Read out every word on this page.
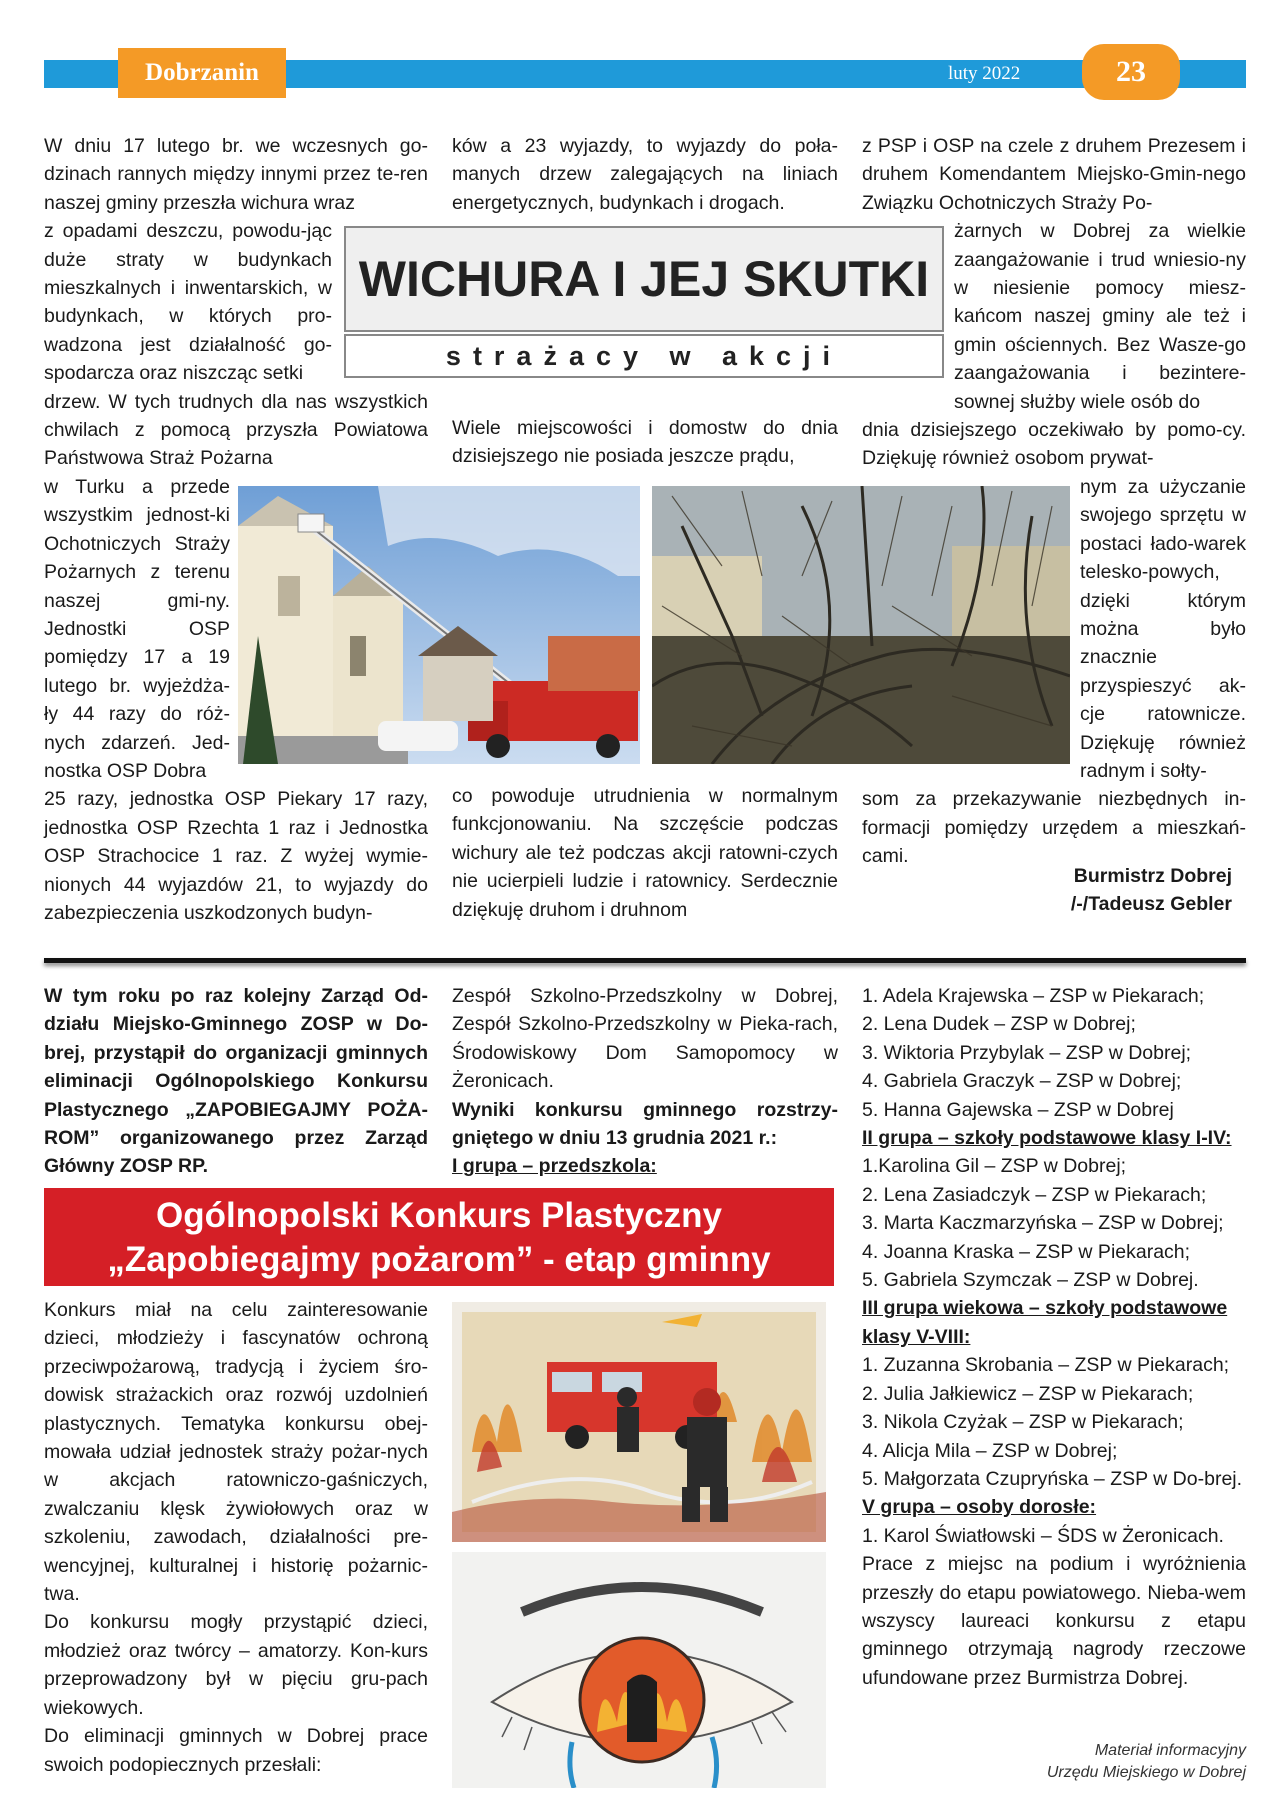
Dobrzanin	luty 2022	23

W dniu 17 lutego br. we wczesnych go-dzinach rannych między innymi przez te-ren naszej gminy przeszła wichura wraz

z opadami deszczu, powodu-jąc duże straty w budynkach mieszkalnych i inwentarskich, w budynkach, w których pro-wadzona jest działalność go-spodarcza oraz niszcząc setki

drzew. W tych trudnych dla nas wszystkich chwilach z pomocą przyszła Powiatowa Państwowa Straż Pożarna

w Turku a przede wszystkim jednost-ki Ochotniczych Straży Pożarnych z terenu naszej gmi-ny. Jednostki OSP pomiędzy 17 a 19 lutego br. wyjeżdża-ły 44 razy do róż-nych zdarzeń. Jed-nostka OSP Dobra

25 razy, jednostka OSP Piekary 17 razy, jednostka OSP Rzechta 1 raz i Jednostka OSP Strachocice 1 raz. Z wyżej wymie-nionych 44 wyjazdów 21, to wyjazdy do zabezpieczenia uszkodzonych budyn-

ków a 23 wyjazdy, to wyjazdy do poła-manych drzew zalegających na liniach energetycznych, budynkach i drogach.
Wiele miejscowości i domostw do dnia dzisiejszego nie posiada jeszcze prądu,
co powoduje utrudnienia w normalnym funkcjonowaniu. Na szczęście podczas wichury ale też podczas akcji ratowni-czych nie ucierpieli ludzie i ratownicy. Serdecznie dziękuję druhom i druhnom

z PSP i OSP na czele z druhem Prezesem i druhem Komendantem Miejsko-Gmin-nego Związku Ochotniczych Straży Po-

żarnych w Dobrej za wielkie zaangażowanie i trud wniesio-ny w niesienie pomocy miesz-kańcom naszej gminy ale też i gmin ościennych. Bez Wasze-go zaangażowania i bezintere-sownej służby wiele osób do

dnia dzisiejszego oczekiwało by pomo-cy. Dziękuję również osobom prywat-

nym za użyczanie swojego sprzętu w postaci łado-warek telesko-powych, dzięki którym można było znacznie przyspieszyć ak-cje ratownicze. Dziękuję również radnym i sołty-

som za przekazywanie niezbędnych in-formacji pomiędzy urzędem a mieszkań-cami.

Burmistrz Dobrej
/-/Tadeusz Gebler
WICHURA I JEJ SKUTKI
strażacy w akcji
W tym roku po raz kolejny Zarząd Od-działu Miejsko-Gminnego ZOSP w Do-brej, przystąpił do organizacji gminnych eliminacji Ogólnopolskiego Konkursu Plastycznego „ZAPOBIEGAJMY POŻA-ROM” organizowanego przez Zarząd Główny ZOSP RP.

Zespół Szkolno-Przedszkolny w Dobrej, Zespół Szkolno-Przedszkolny w Pieka-rach, Środowiskowy Dom Samopomocy w Żeronicach.

Wyniki konkursu gminnego rozstrzy-gniętego w dniu 13 grudnia 2021 r.:

I grupa – przedszkola:

Ogólnopolski Konkurs Plastyczny
„Zapobiegajmy pożarom” - etap gminny

Konkurs miał na celu zainteresowanie dzieci, młodzieży i fascynatów ochroną przeciwpożarową, tradycją i życiem śro-dowisk strażackich oraz rozwój uzdolnień plastycznych. Tematyka konkursu obej-mowała udział jednostek straży pożar-nych w akcjach ratowniczo-gaśniczych, zwalczaniu klęsk żywiołowych oraz w szkoleniu, zawodach, działalności pre-wencyjnej, kulturalnej i historię pożarnic-twa.

Do konkursu mogły przystąpić dzieci, młodzież oraz twórcy – amatorzy. Kon-kurs przeprowadzony był w pięciu gru-pach wiekowych.

Do eliminacji gminnych w Dobrej prace swoich podopiecznych przesłali:

1. Adela Krajewska – ZSP w Piekarach;
2. Lena Dudek – ZSP w Dobrej;
3. Wiktoria Przybylak – ZSP w Dobrej;
4. Gabriela Graczyk – ZSP w Dobrej;
5. Hanna Gajewska – ZSP w Dobrej
II grupa – szkoły podstawowe klasy I-IV:
1.Karolina Gil – ZSP w Dobrej;
2. Lena Zasiadczyk – ZSP w Piekarach;
3. Marta Kaczmarzyńska – ZSP w Dobrej;
4. Joanna Kraska – ZSP w Piekarach;
5. Gabriela Szymczak – ZSP w Dobrej.
III grupa wiekowa – szkoły podstawowe klasy V-VIII:
1. Zuzanna Skrobania – ZSP w Piekarach;
2. Julia Jałkiewicz – ZSP w Piekarach;
3. Nikola Czyżak – ZSP w Piekarach;
4. Alicja Mila – ZSP w Dobrej;
5. Małgorzata Czupryńska – ZSP w Do-brej.
V grupa – osoby dorosłe:
1. Karol Światłowski – ŚDS w Żeronicach.
Prace z miejsc na podium i wyróżnienia przeszły do etapu powiatowego. Nieba-wem wszyscy laureaci konkursu z etapu gminnego otrzymają nagrody rzeczowe ufundowane przez Burmistrza Dobrej.
Materiał informacyjny
Urzędu Miejskiego w Dobrej
